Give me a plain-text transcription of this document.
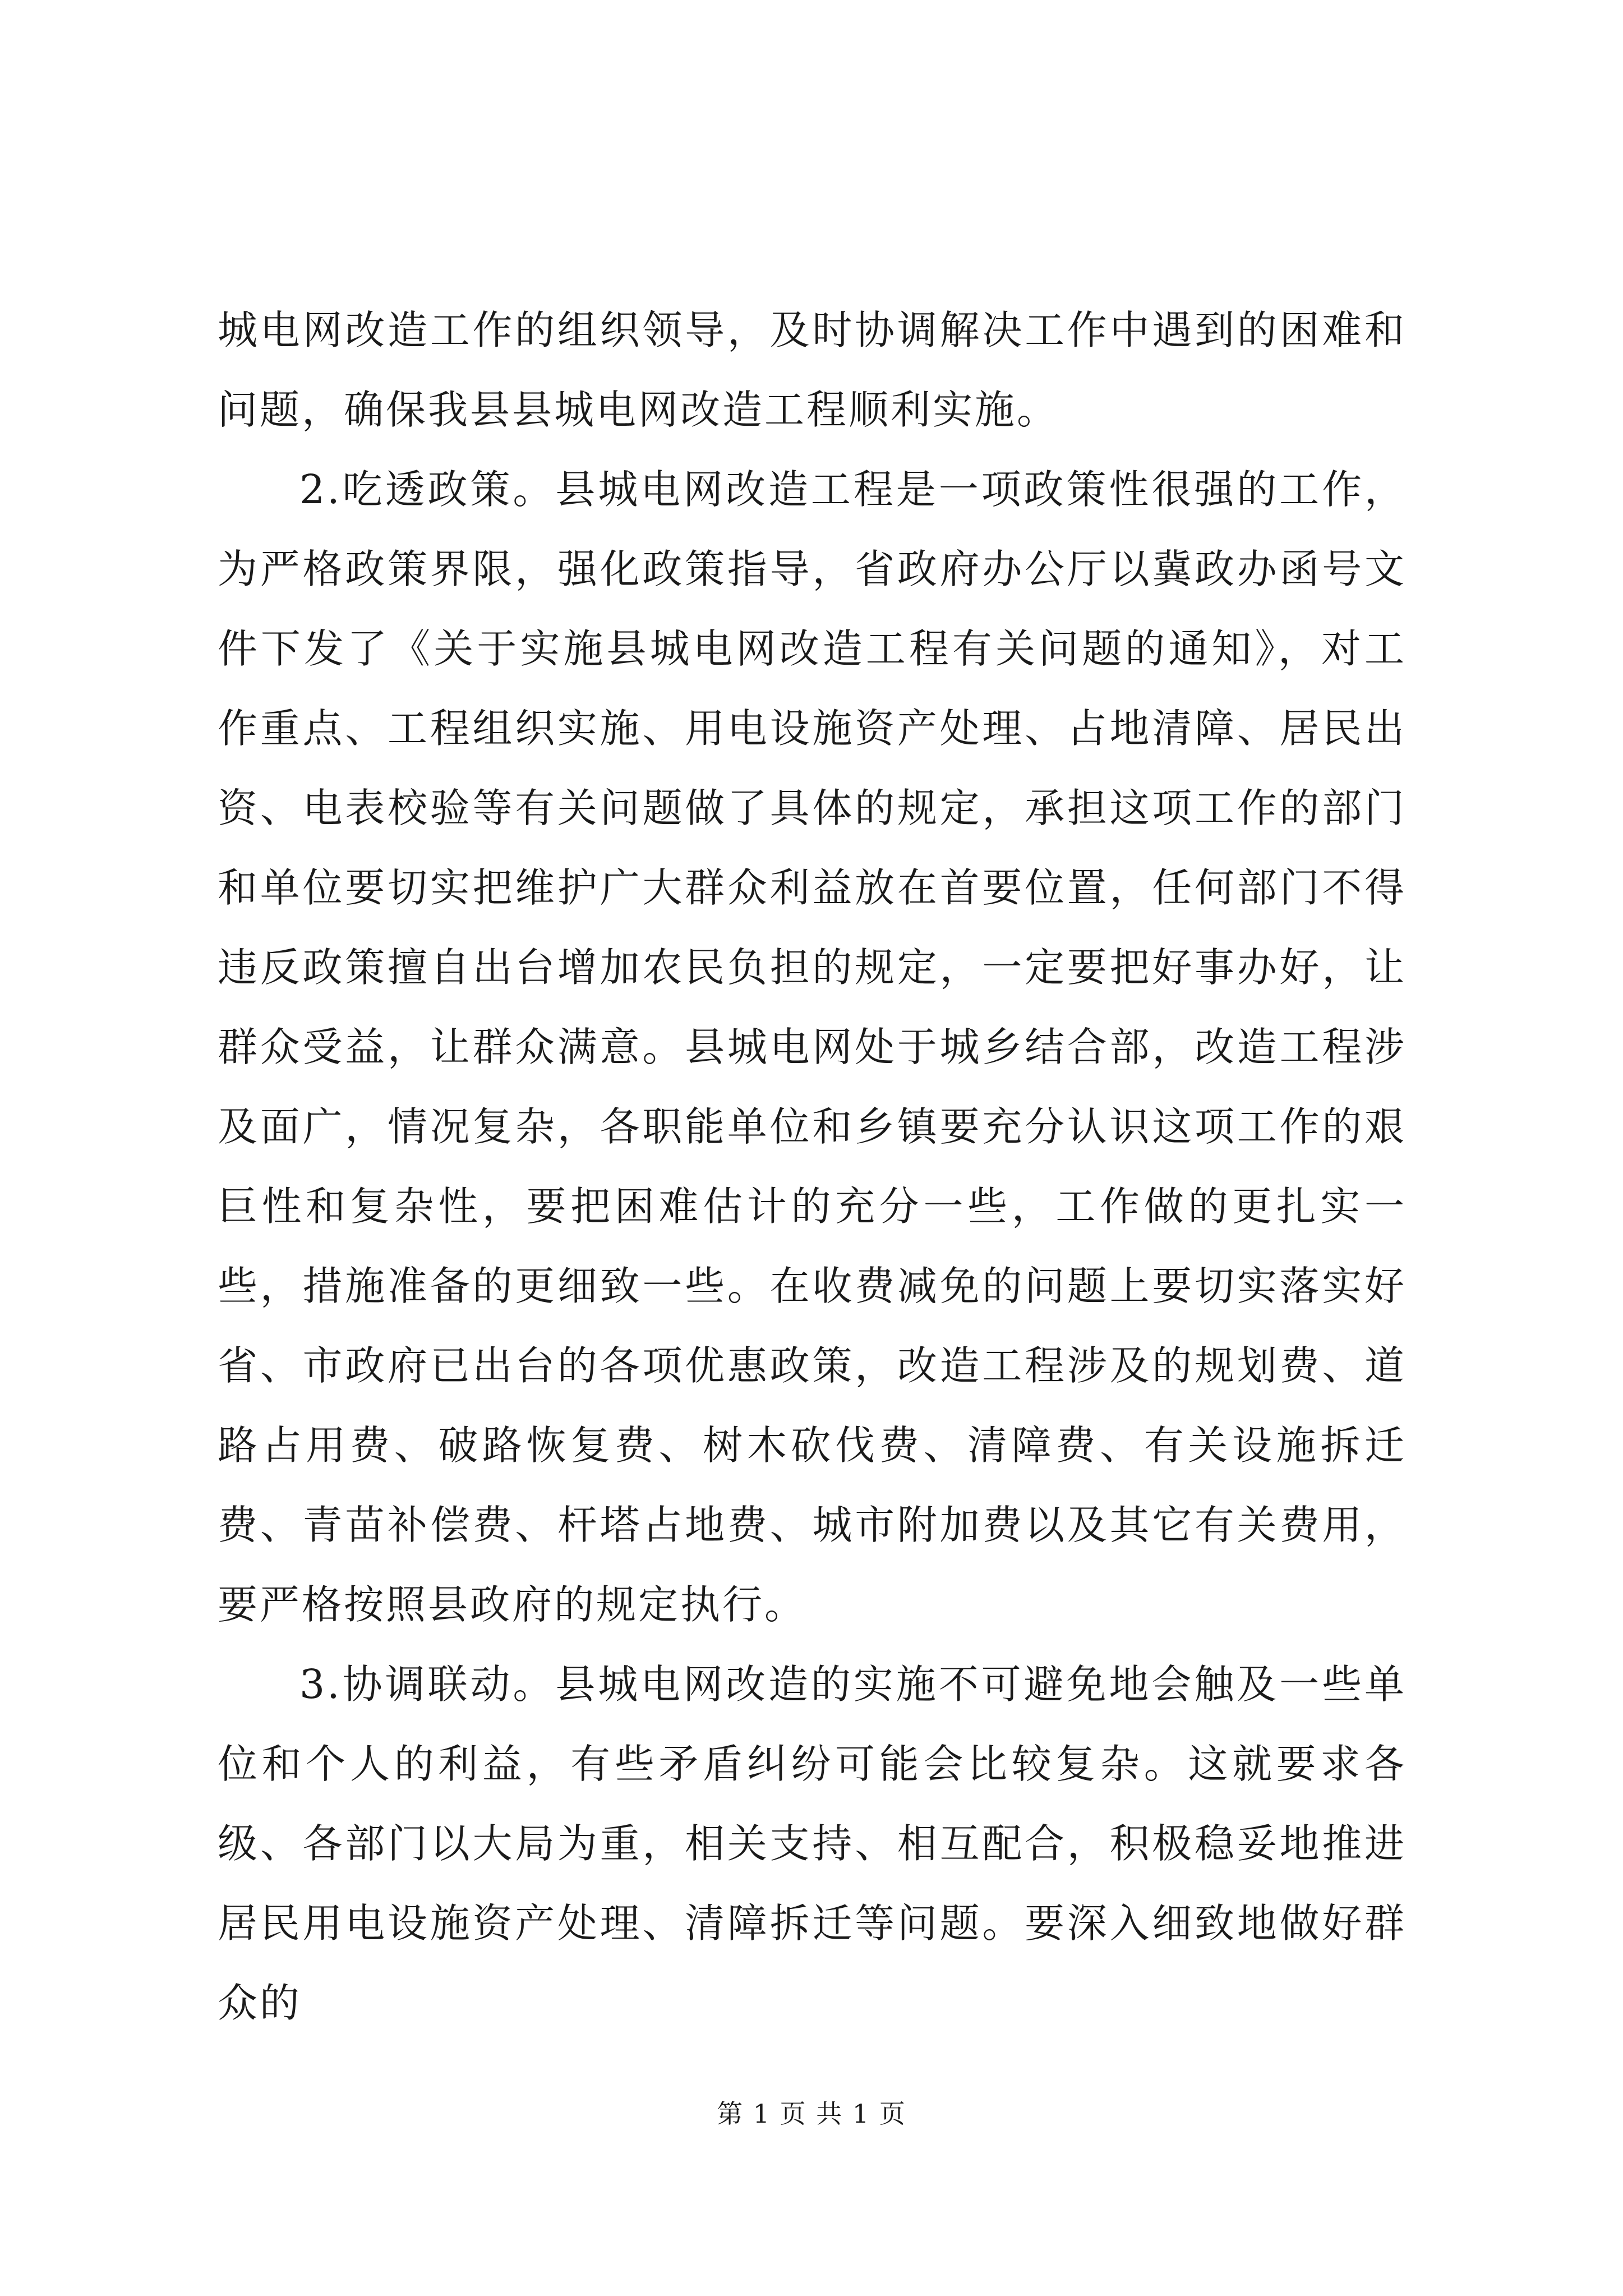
城电网改造工作的组织领导，及时协调解决工作中遇到的困难和问题，确保我县县城电网改造工程顺利实施。

2.吃透政策。县城电网改造工程是一项政策性很强的工作，为严格政策界限，强化政策指导，省政府办公厅以冀政办函号文件下发了《关于实施县城电网改造工程有关问题的通知》，对工作重点、工程组织实施、用电设施资产处理、占地清障、居民出资、电表校验等有关问题做了具体的规定，承担这项工作的部门和单位要切实把维护广大群众利益放在首要位置，任何部门不得违反政策擅自出台增加农民负担的规定，一定要把好事办好，让群众受益，让群众满意。县城电网处于城乡结合部，改造工程涉及面广，情况复杂，各职能单位和乡镇要充分认识这项工作的艰巨性和复杂性，要把困难估计的充分一些，工作做的更扎实一些，措施准备的更细致一些。在收费减免的问题上要切实落实好省、市政府已出台的各项优惠政策，改造工程涉及的规划费、道路占用费、破路恢复费、树木砍伐费、清障费、有关设施拆迁费、青苗补偿费、杆塔占地费、城市附加费以及其它有关费用，要严格按照县政府的规定执行。

3.协调联动。县城电网改造的实施不可避免地会触及一些单位和个人的利益，有些矛盾纠纷可能会比较复杂。这就要求各级、各部门以大局为重，相关支持、相互配合，积极稳妥地推进居民用电设施资产处理、清障拆迁等问题。要深入细致地做好群众的

第 1 页 共 1 页
